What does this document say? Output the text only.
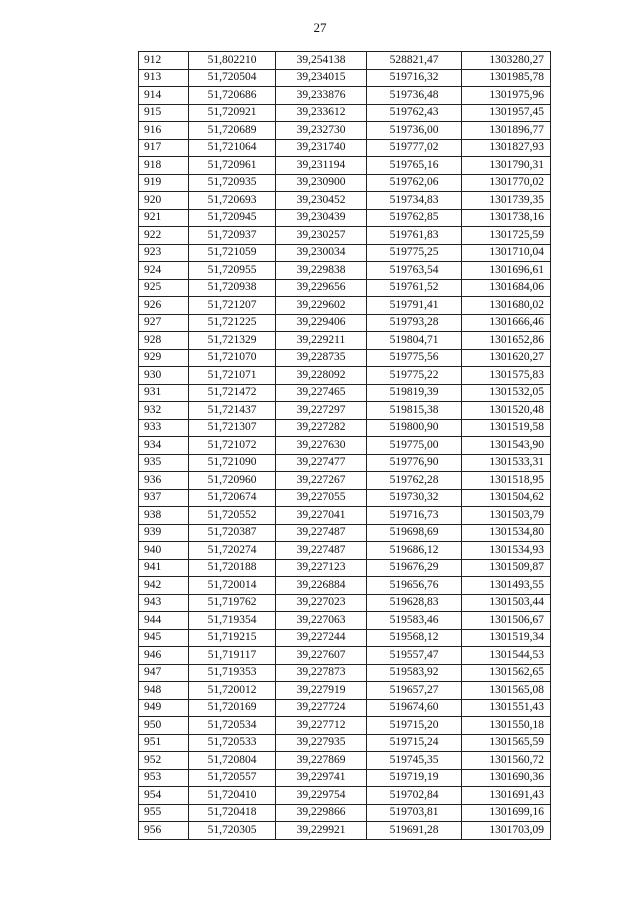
27
912	51,802210	39,254138	528821,47	1303280,27
913	51,720504	39,234015	519716,32	1301985,78
914	51,720686	39,233876	519736,48	1301975,96
915	51,720921	39,233612	519762,43	1301957,45
916	51,720689	39,232730	519736,00	1301896,77
917	51,721064	39,231740	519777,02	1301827,93
918	51,720961	39,231194	519765,16	1301790,31
919	51,720935	39,230900	519762,06	1301770,02
920	51,720693	39,230452	519734,83	1301739,35
921	51,720945	39,230439	519762,85	1301738,16
922	51,720937	39,230257	519761,83	1301725,59
923	51,721059	39,230034	519775,25	1301710,04
924	51,720955	39,229838	519763,54	1301696,61
925	51,720938	39,229656	519761,52	1301684,06
926	51,721207	39,229602	519791,41	1301680,02
927	51,721225	39,229406	519793,28	1301666,46
928	51,721329	39,229211	519804,71	1301652,86
929	51,721070	39,228735	519775,56	1301620,27
930	51,721071	39,228092	519775,22	1301575,83
931	51,721472	39,227465	519819,39	1301532,05
932	51,721437	39,227297	519815,38	1301520,48
933	51,721307	39,227282	519800,90	1301519,58
934	51,721072	39,227630	519775,00	1301543,90
935	51,721090	39,227477	519776,90	1301533,31
936	51,720960	39,227267	519762,28	1301518,95
937	51,720674	39,227055	519730,32	1301504,62
938	51,720552	39,227041	519716,73	1301503,79
939	51,720387	39,227487	519698,69	1301534,80
940	51,720274	39,227487	519686,12	1301534,93
941	51,720188	39,227123	519676,29	1301509,87
942	51,720014	39,226884	519656,76	1301493,55
943	51,719762	39,227023	519628,83	1301503,44
944	51,719354	39,227063	519583,46	1301506,67
945	51,719215	39,227244	519568,12	1301519,34
946	51,719117	39,227607	519557,47	1301544,53
947	51,719353	39,227873	519583,92	1301562,65
948	51,720012	39,227919	519657,27	1301565,08
949	51,720169	39,227724	519674,60	1301551,43
950	51,720534	39,227712	519715,20	1301550,18
951	51,720533	39,227935	519715,24	1301565,59
952	51,720804	39,227869	519745,35	1301560,72
953	51,720557	39,229741	519719,19	1301690,36
954	51,720410	39,229754	519702,84	1301691,43
955	51,720418	39,229866	519703,81	1301699,16
956	51,720305	39,229921	519691,28	1301703,09
